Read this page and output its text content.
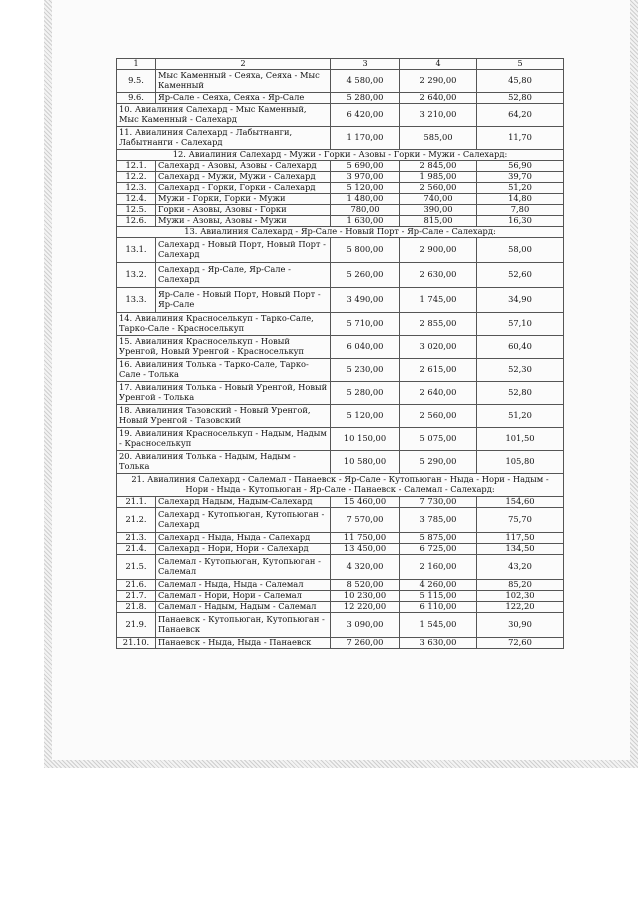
1	2	3	4	5
9.5.	Мыс Каменный - Сеяха, Сеяха - Мыс Каменный	4 580,00	2 290,00	45,80
9.6.	Яр-Сале - Сеяха, Сеяха - Яр-Сале	5 280,00	2 640,00	52,80
10. Авиалиния Салехард - Мыс Каменный, Мыс Каменный - Салехард		6 420,00	3 210,00	64,20
11. Авиалиния Салехард - Лабытнанги, Лабытнанги - Салехард		1 170,00	585,00	11,70
12. Авиалиния Салехард - Мужи - Горки - Азовы - Горки - Мужи - Салехард:				
12.1.	Салехард - Азовы, Азовы - Салехард	5 690,00	2 845,00	56,90
12.2.	Салехард - Мужи, Мужи - Салехард	3 970,00	1 985,00	39,70
12.3.	Салехард - Горки, Горки - Салехард	5 120,00	2 560,00	51,20
12.4.	Мужи - Горки, Горки - Мужи	1 480,00	740,00	14,80
12.5.	Горки - Азовы, Азовы - Горки	780,00	390,00	7,80
12.6.	Мужи - Азовы, Азовы - Мужи	1 630,00	815,00	16,30
13. Авиалиния Салехард - Яр-Сале - Новый Порт - Яр-Сале - Салехард:				
13.1.	Салехард - Новый Порт, Новый Порт - Салехард	5 800,00	2 900,00	58,00
13.2.	Салехард - Яр-Сале, Яр-Сале - Салехард	5 260,00	2 630,00	52,60
13.3.	Яр-Сале - Новый Порт, Новый Порт - Яр-Сале	3 490,00	1 745,00	34,90
14. Авиалиния Красноселькуп - Тарко-Сале, Тарко-Сале - Красноселькуп		5 710,00	2 855,00	57,10
15. Авиалиния Красноселькуп - Новый Уренгой, Новый Уренгой - Красноселькуп		6 040,00	3 020,00	60,40
16. Авиалиния Толька - Тарко-Сале, Тарко-Сале - Толька		5 230,00	2 615,00	52,30
17. Авиалиния Толька - Новый Уренгой, Новый Уренгой - Толька		5 280,00	2 640,00	52,80
18. Авиалиния Тазовский - Новый Уренгой, Новый Уренгой - Тазовский		5 120,00	2 560,00	51,20
19. Авиалиния Красноселькуп - Надым, Надым - Красноселькуп		10 150,00	5 075,00	101,50
20. Авиалиния Толька - Надым, Надым - Толька		10 580,00	5 290,00	105,80
21. Авиалиния Салехард - Салемал - Панаевск - Яр-Сале - Кутопьюган - Ныда - Нори - Надым - Нори - Ныда - Кутопьюган - Яр-Сале - Панаевск - Салемал - Салехард:				
21.1.	Салехард Надым, Надым-Салехард	15 460,00	7 730,00	154,60
21.2.	Салехард - Кутопьюган, Кутопьюган - Салехард	7 570,00	3 785,00	75,70
21.3.	Салехард - Ныда, Ныда - Салехард	11 750,00	5 875,00	117,50
21.4.	Салехард - Нори, Нори - Салехард	13 450,00	6 725,00	134,50
21.5.	Салемал - Кутопьюган, Кутопьюган - Салемал	4 320,00	2 160,00	43,20
21.6.	Салемал - Ныда, Ныда - Салемал	8 520,00	4 260,00	85,20
21.7.	Салемал - Нори, Нори - Салемал	10 230,00	5 115,00	102,30
21.8.	Салемал - Надым, Надым - Салемал	12 220,00	6 110,00	122,20
21.9.	Панаевск - Кутопьюган, Кутопьюган - Панаевск	3 090,00	1 545,00	30,90
21.10.	Панаевск - Ныда, Ныда - Панаевск	7 260,00	3 630,00	72,60
